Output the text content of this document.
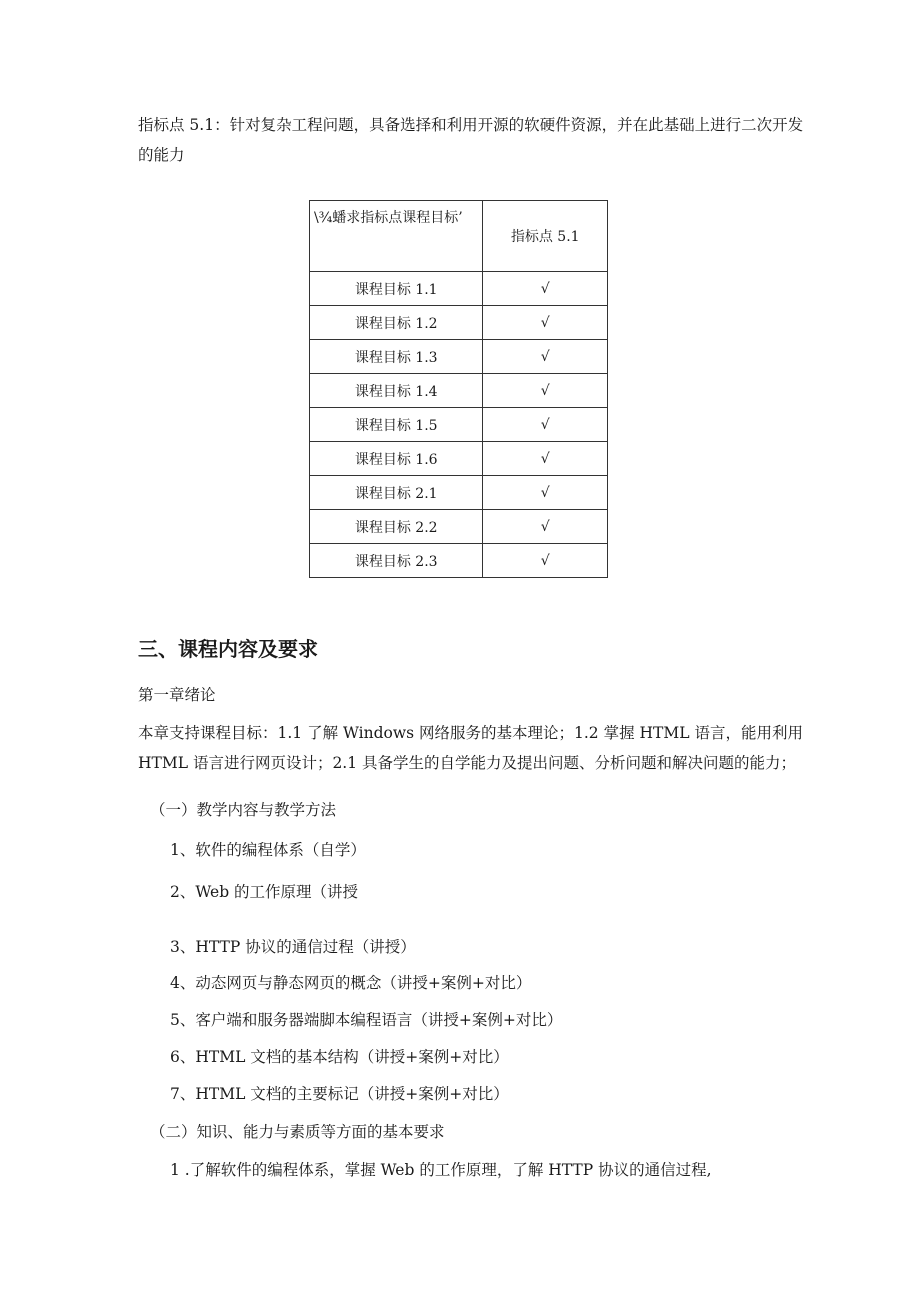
指标点 5.1：针对复杂工程问题，具备选择和利用开源的软硬件资源，并在此基础上进行二次开发的能力

\¾蟠求指标点课程目标’	指标点 5.1
课程目标 1.1	√
课程目标 1.2	√
课程目标 1.3	√
课程目标 1.4	√
课程目标 1.5	√
课程目标 1.6	√
课程目标 2.1	√
课程目标 2.2	√
课程目标 2.3	√
三、课程内容及要求

第一章绪论

本章支持课程目标：1.1 了解 Windows 网络服务的基本理论；1.2 掌握 HTML 语言，能用利用 HTML 语言进行网页设计；2.1 具备学生的自学能力及提出问题、分析问题和解决问题的能力；

（一）教学内容与教学方法

1、软件的编程体系（自学）

2、Web 的工作原理（讲授

3、HTTP 协议的通信过程（讲授）

4、动态网页与静态网页的概念（讲授+案例+对比）

5、客户端和服务器端脚本编程语言（讲授+案例+对比）

6、HTML 文档的基本结构（讲授+案例+对比）

7、HTML 文档的主要标记（讲授+案例+对比）

（二）知识、能力与素质等方面的基本要求

1 .了解软件的编程体系，掌握 Web 的工作原理，了解 HTTP 协议的通信过程,
